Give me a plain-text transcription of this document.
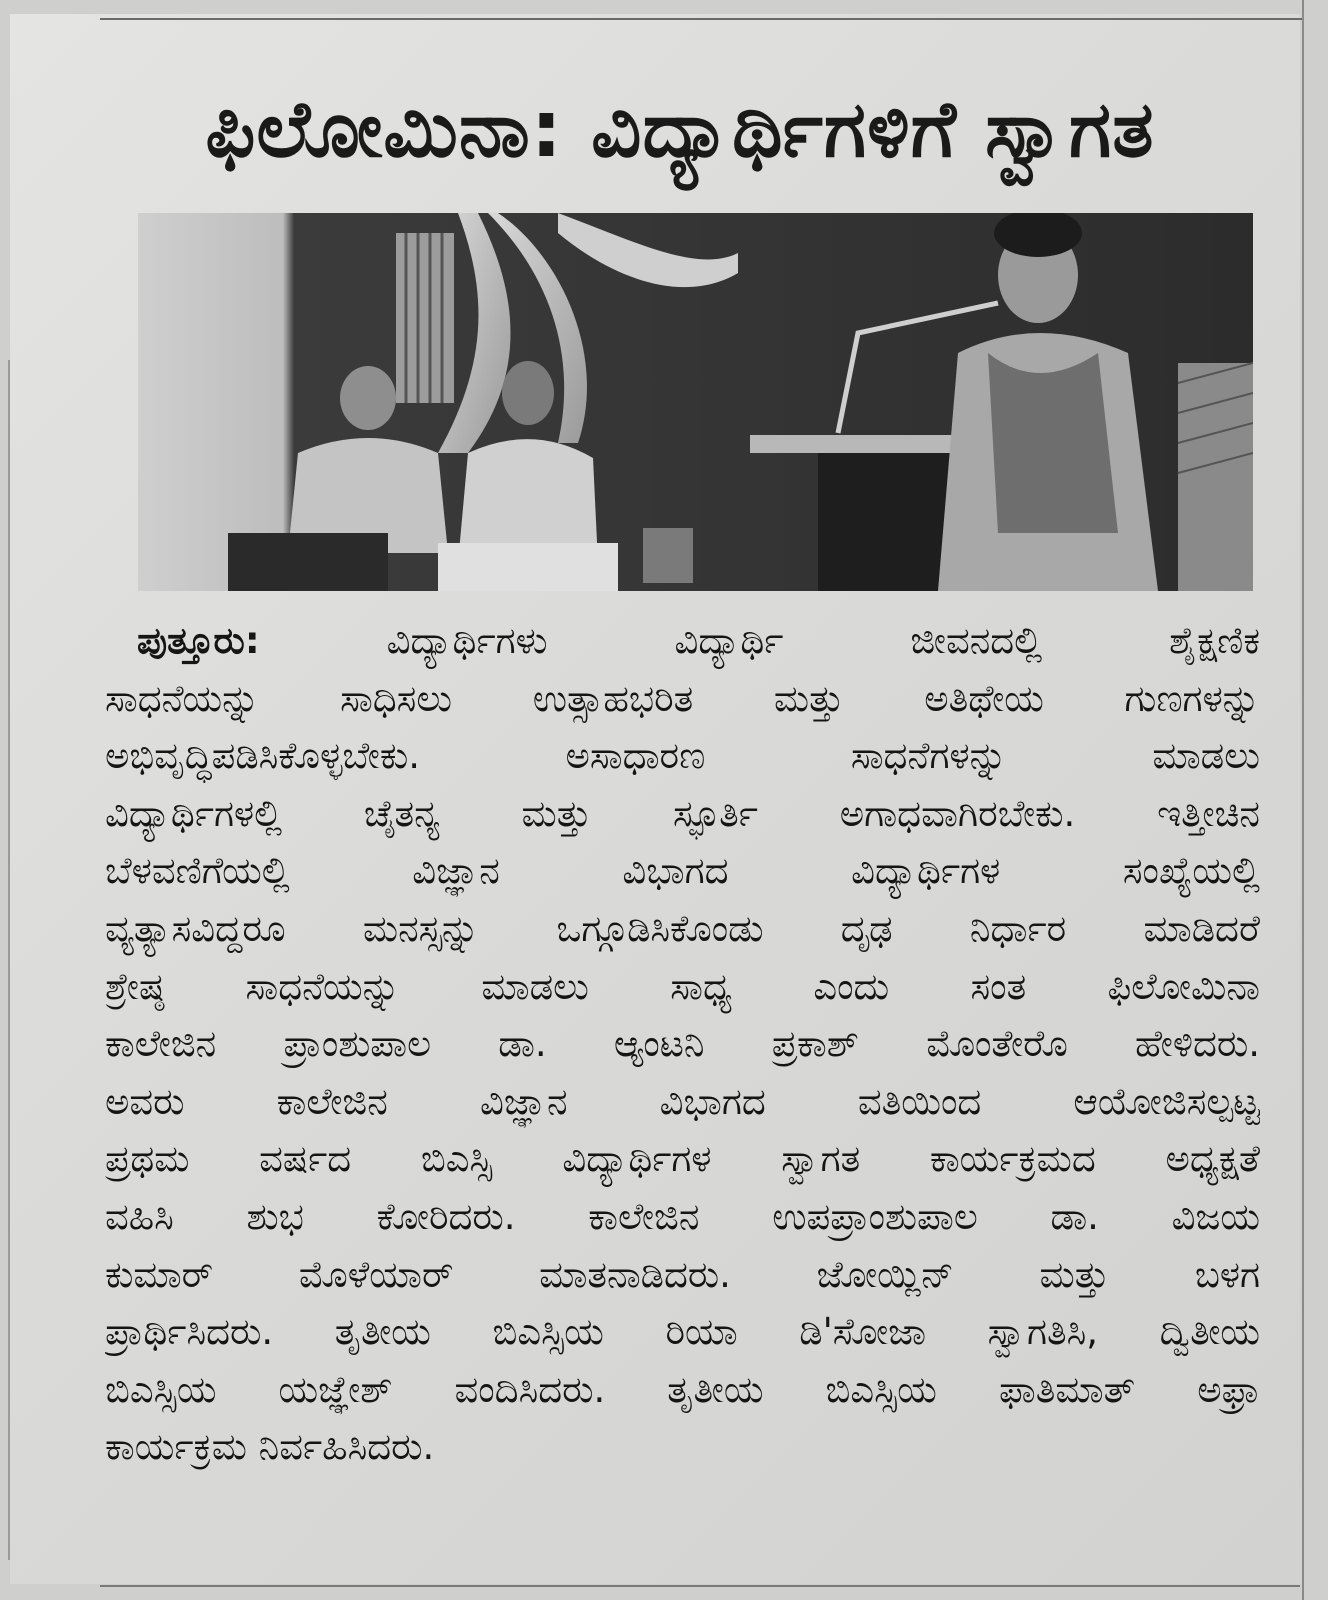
ಫಿಲೋಮಿನಾ: ವಿದ್ಯಾರ್ಥಿಗಳಿಗೆ ಸ್ವಾಗತ
ಪುತ್ತೂರು:	ವಿದ್ಯಾರ್ಥಿಗಳು ವಿದ್ಯಾರ್ಥಿ ಜೀವನದಲ್ಲಿ ಶೈಕ್ಷಣಿಕ
ಸಾಧನೆಯನ್ನು ಸಾಧಿಸಲು ಉತ್ಸಾಹಭರಿತ ಮತ್ತು ಅತಿಥೇಯ ಗುಣಗಳನ್ನು
ಅಭಿವೃದ್ಧಿಪಡಿಸಿಕೊಳ್ಳಬೇಕು. ಅಸಾಧಾರಣ ಸಾಧನೆಗಳನ್ನು ಮಾಡಲು
ವಿದ್ಯಾರ್ಥಿಗಳಲ್ಲಿ ಚೈತನ್ಯ ಮತ್ತು ಸ್ಫೂರ್ತಿ ಅಗಾಧವಾಗಿರಬೇಕು. ಇತ್ತೀಚಿನ
ಬೆಳವಣಿಗೆಯಲ್ಲಿ ವಿಜ್ಞಾನ ವಿಭಾಗದ ವಿದ್ಯಾರ್ಥಿಗಳ ಸಂಖ್ಯೆಯಲ್ಲಿ
ವ್ಯತ್ಯಾಸವಿದ್ದರೂ ಮನಸ್ಸನ್ನು ಒಗ್ಗೂಡಿಸಿಕೊಂಡು ದೃಢ ನಿರ್ಧಾರ ಮಾಡಿದರೆ
ಶ್ರೇಷ್ಠ ಸಾಧನೆಯನ್ನು ಮಾಡಲು ಸಾಧ್ಯ ಎಂದು ಸಂತ ಫಿಲೋಮಿನಾ
ಕಾಲೇಜಿನ ಪ್ರಾಂಶುಪಾಲ ಡಾ. ಆ್ಯಂಟನಿ ಪ್ರಕಾಶ್ ಮೊಂತೇರೊ ಹೇಳಿದರು.
ಅವರು ಕಾಲೇಜಿನ ವಿಜ್ಞಾನ ವಿಭಾಗದ ವತಿಯಿಂದ ಆಯೋಜಿಸಲ್ಪಟ್ಟ
ಪ್ರಥಮ ವರ್ಷದ ಬಿಎಸ್ಸಿ ವಿದ್ಯಾರ್ಥಿಗಳ ಸ್ವಾಗತ ಕಾರ್ಯಕ್ರಮದ ಅಧ್ಯಕ್ಷತೆ
ವಹಿಸಿ ಶುಭ ಕೋರಿದರು. ಕಾಲೇಜಿನ ಉಪಪ್ರಾಂಶುಪಾಲ ಡಾ. ವಿಜಯ
ಕುಮಾರ್ ಮೊಳೆಯಾರ್ ಮಾತನಾಡಿದರು. ಜೋಯ್ಲಿನ್ ಮತ್ತು ಬಳಗ
ಪ್ರಾರ್ಥಿಸಿದರು. ತೃತೀಯ ಬಿಎಸ್ಸಿಯ ರಿಯಾ ಡಿ'ಸೋಜಾ ಸ್ವಾಗತಿಸಿ, ದ್ವಿತೀಯ
ಬಿಎಸ್ಸಿಯ ಯಜ್ಞೇಶ್ ವಂದಿಸಿದರು. ತೃತೀಯ ಬಿಎಸ್ಸಿಯ ಫಾತಿಮಾತ್ ಅಫ್ರಾ
ಕಾರ್ಯಕ್ರಮ ನಿರ್ವಹಿಸಿದರು.
